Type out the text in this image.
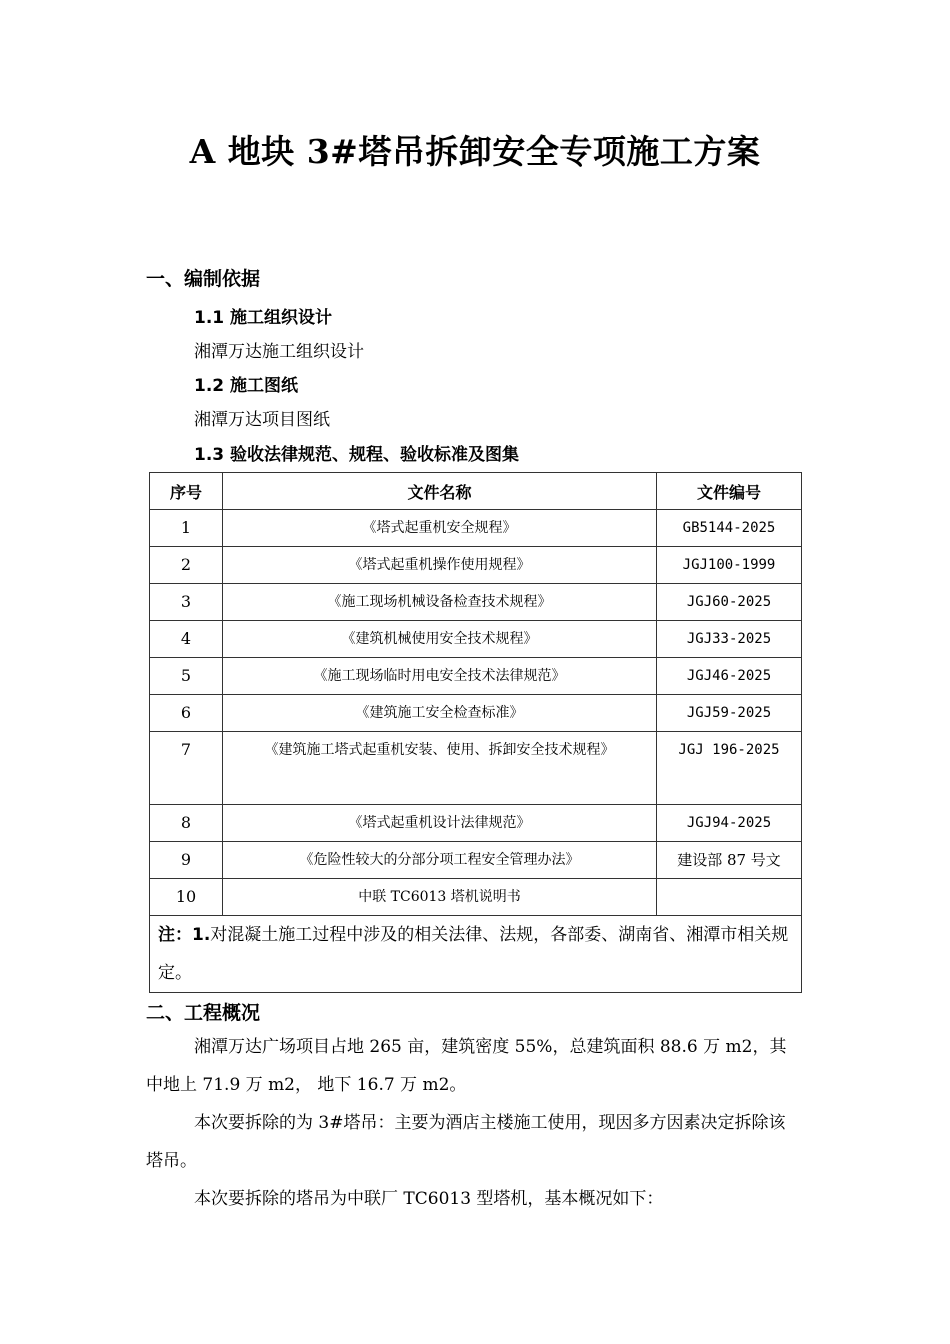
A 地块 3#塔吊拆卸安全专项施工方案
一、编制依据
1.1 施工组织设计
湘潭万达施工组织设计
1.2 施工图纸
湘潭万达项目图纸
1.3 验收法律规范、规程、验收标准及图集
序号	文件名称	文件编号
1	《塔式起重机安全规程》	GB5144-2025
2	《塔式起重机操作使用规程》	JGJ100-1999
3	《施工现场机械设备检查技术规程》	JGJ60-2025
4	《建筑机械使用安全技术规程》	JGJ33-2025
5	《施工现场临时用电安全技术法律规范》	JGJ46-2025
6	《建筑施工安全检查标准》	JGJ59-2025
7	《建筑施工塔式起重机安装、使用、拆卸安全技术规程》	JGJ 196-2025
8	《塔式起重机设计法律规范》	JGJ94-2025
9	《危险性较大的分部分项工程安全管理办法》	建设部 87 号文
10	中联 TC6013 塔机说明书	
注：1.对混凝土施工过程中涉及的相关法律、法规，各部委、湖南省、湘潭市相关规定。		
二、工程概况
湘潭万达广场项目占地 265 亩，建筑密度 55%，总建筑面积 88.6 万 m2，其中地上 71.9 万 m2， 地下 16.7 万 m2。
本次要拆除的为 3#塔吊：主要为酒店主楼施工使用，现因多方因素决定拆除该塔吊。
本次要拆除的塔吊为中联厂 TC6013 型塔机，基本概况如下：
